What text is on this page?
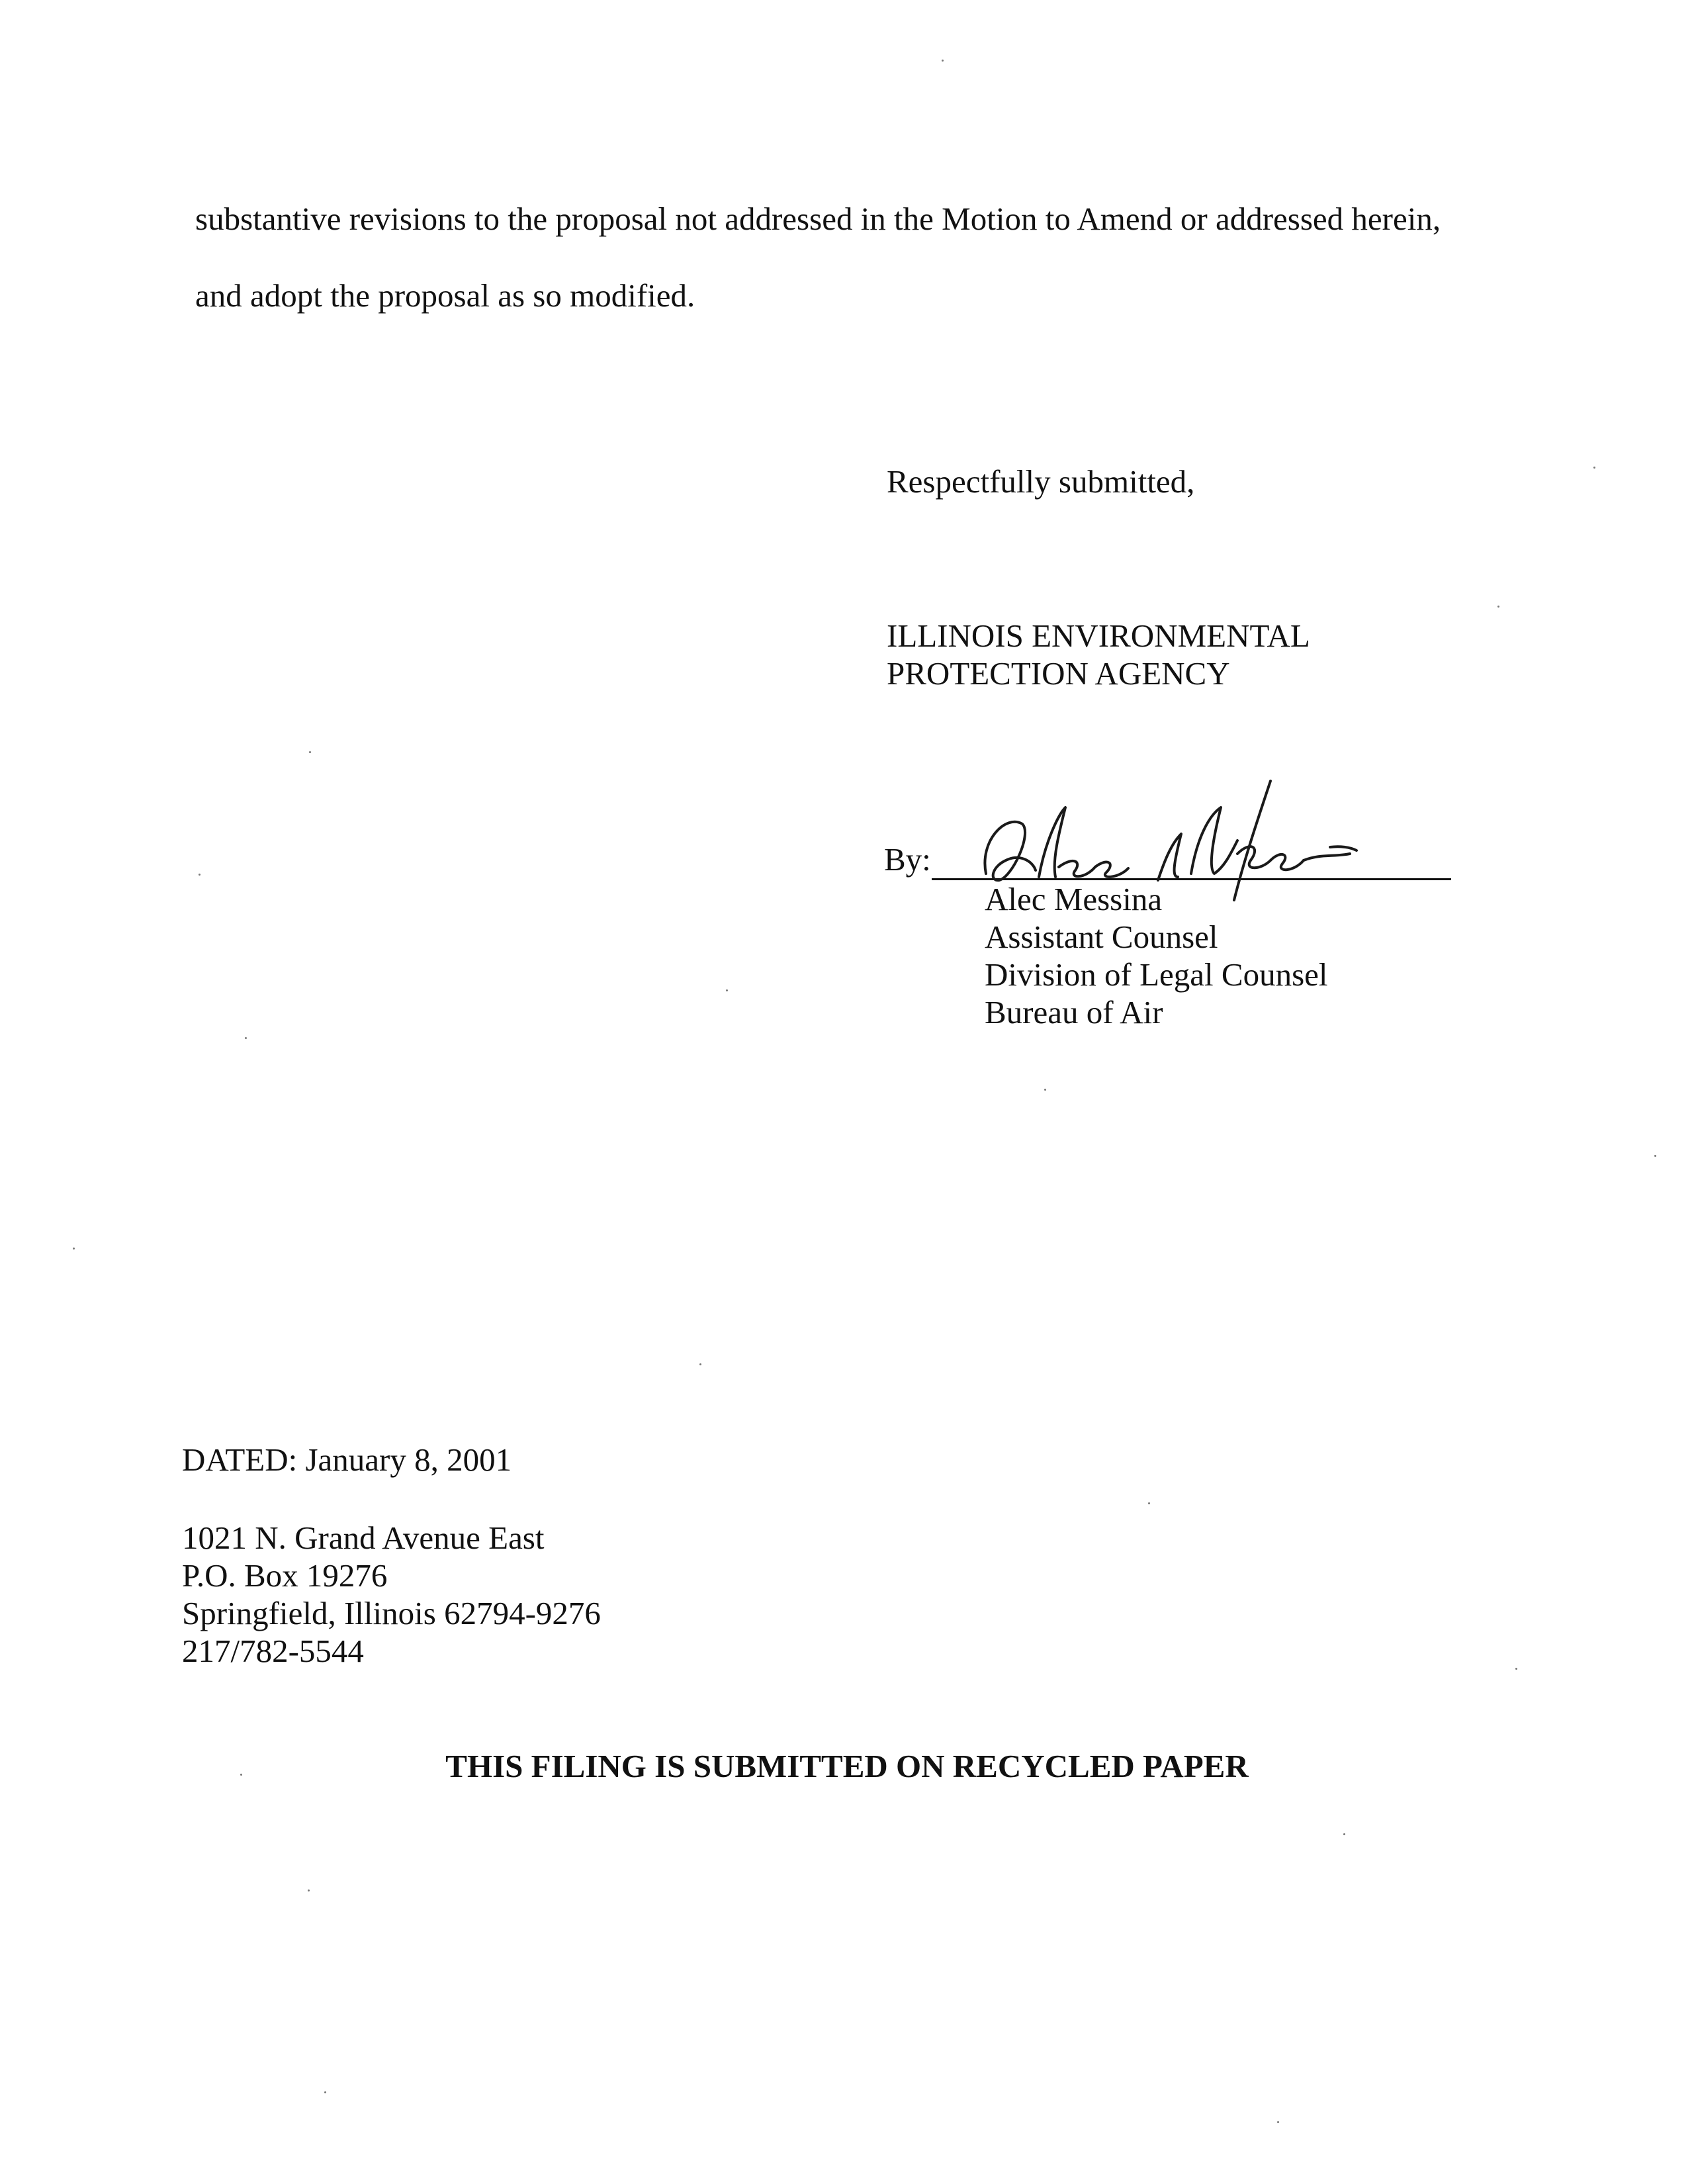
substantive revisions to the proposal not addressed in the Motion to Amend or addressed herein,
and adopt the proposal as so modified.
Respectfully submitted,
ILLINOIS ENVIRONMENTAL
PROTECTION AGENCY
By:
Alec Messina
Assistant Counsel
Division of Legal Counsel
Bureau of Air
DATED: January 8, 2001
1021 N. Grand Avenue East
P.O. Box 19276
Springfield, Illinois 62794-9276
217/782-5544
THIS FILING IS SUBMITTED ON RECYCLED PAPER
